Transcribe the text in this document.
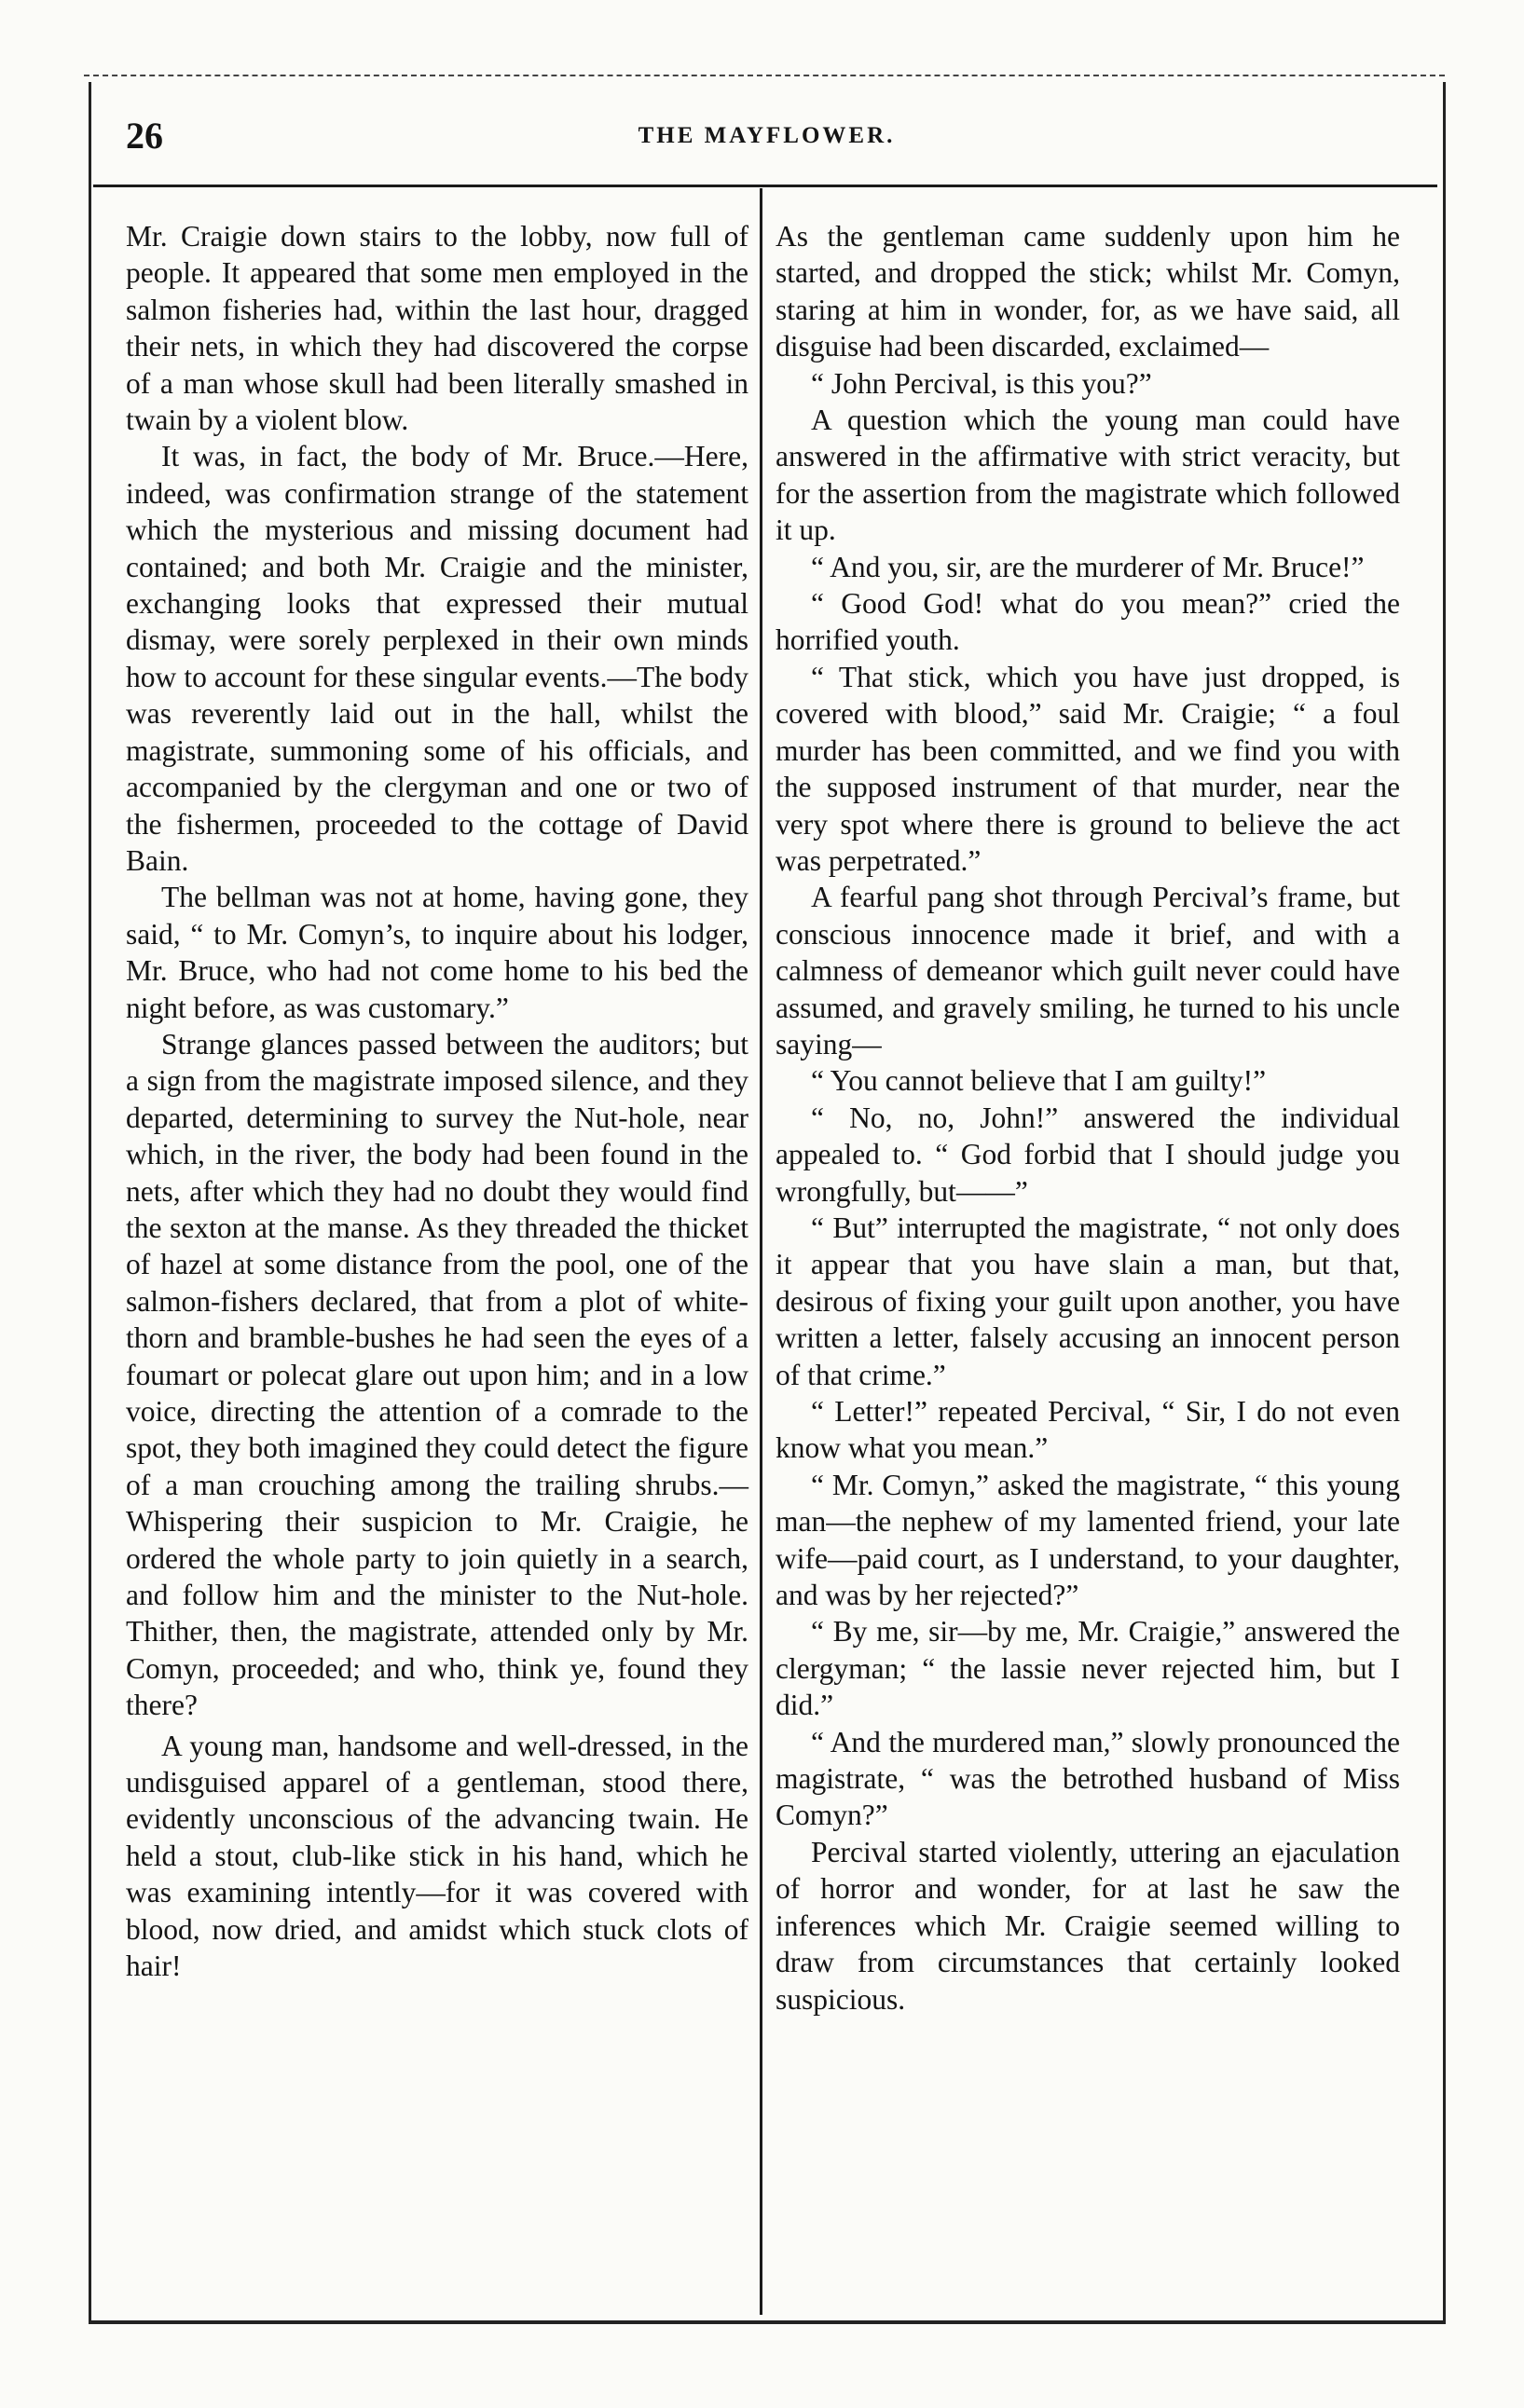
26	THE MAYFLOWER.

Mr. Craigie down stairs to the lobby, now full of people. It appeared that some men employed in the salmon fisheries had, within the last hour, dragged their nets, in which they had discovered the corpse of a man whose skull had been literally smashed in twain by a violent blow.

It was, in fact, the body of Mr. Bruce.—Here, indeed, was confirmation strange of the statement which the mysterious and missing document had contained; and both Mr. Craigie and the minister, exchanging looks that expressed their mutual dismay, were sorely perplexed in their own minds how to account for these singular events.—The body was reverently laid out in the hall, whilst the magistrate, summoning some of his officials, and accompanied by the clergyman and one or two of the fishermen, proceeded to the cottage of David Bain.

The bellman was not at home, having gone, they said, “ to Mr. Comyn’s, to inquire about his lodger, Mr. Bruce, who had not come home to his bed the night before, as was customary.”

Strange glances passed between the auditors; but a sign from the magistrate imposed silence, and they departed, determining to survey the Nut-hole, near which, in the river, the body had been found in the nets, after which they had no doubt they would find the sexton at the manse. As they threaded the thicket of hazel at some distance from the pool, one of the salmon-fishers declared, that from a plot of white-thorn and bramble-bushes he had seen the eyes of a foumart or polecat glare out upon him; and in a low voice, directing the attention of a comrade to the spot, they both imagined they could detect the figure of a man crouching among the trailing shrubs.—Whispering their suspicion to Mr. Craigie, he ordered the whole party to join quietly in a search, and follow him and the minister to the Nut-hole. Thither, then, the magistrate, attended only by Mr. Comyn, proceeded; and who, think ye, found they there?

A young man, handsome and well-dressed, in the undisguised apparel of a gentleman, stood there, evidently unconscious of the advancing twain. He held a stout, club-like stick in his hand, which he was examining intently—for it was covered with blood, now dried, and amidst which stuck clots of hair!

As the gentleman came suddenly upon him he started, and dropped the stick; whilst Mr. Comyn, staring at him in wonder, for, as we have said, all disguise had been discarded, exclaimed—

“ John Percival, is this you?”

A question which the young man could have answered in the affirmative with strict veracity, but for the assertion from the magistrate which followed it up.

“ And you, sir, are the murderer of Mr. Bruce!”

“ Good God! what do you mean?” cried the horrified youth.

“ That stick, which you have just dropped, is covered with blood,” said Mr. Craigie; “ a foul murder has been committed, and we find you with the supposed instrument of that murder, near the very spot where there is ground to believe the act was perpetrated.”

A fearful pang shot through Percival’s frame, but conscious innocence made it brief, and with a calmness of demeanor which guilt never could have assumed, and gravely smiling, he turned to his uncle saying—

“ You cannot believe that I am guilty!”

“ No, no, John!” answered the individual appealed to. “ God forbid that I should judge you wrongfully, but——”

“ But” interrupted the magistrate, “ not only does it appear that you have slain a man, but that, desirous of fixing your guilt upon another, you have written a letter, falsely accusing an innocent person of that crime.”

“ Letter!” repeated Percival, “ Sir, I do not even know what you mean.”

“ Mr. Comyn,” asked the magistrate, “ this young man—the nephew of my lamented friend, your late wife—paid court, as I understand, to your daughter, and was by her rejected?”

“ By me, sir—by me, Mr. Craigie,” answered the clergyman; “ the lassie never rejected him, but I did.”

“ And the murdered man,” slowly pronounced the magistrate, “ was the betrothed husband of Miss Comyn?”

Percival started violently, uttering an ejaculation of horror and wonder, for at last he saw the inferences which Mr. Craigie seemed willing to draw from circumstances that certainly looked suspicious.
